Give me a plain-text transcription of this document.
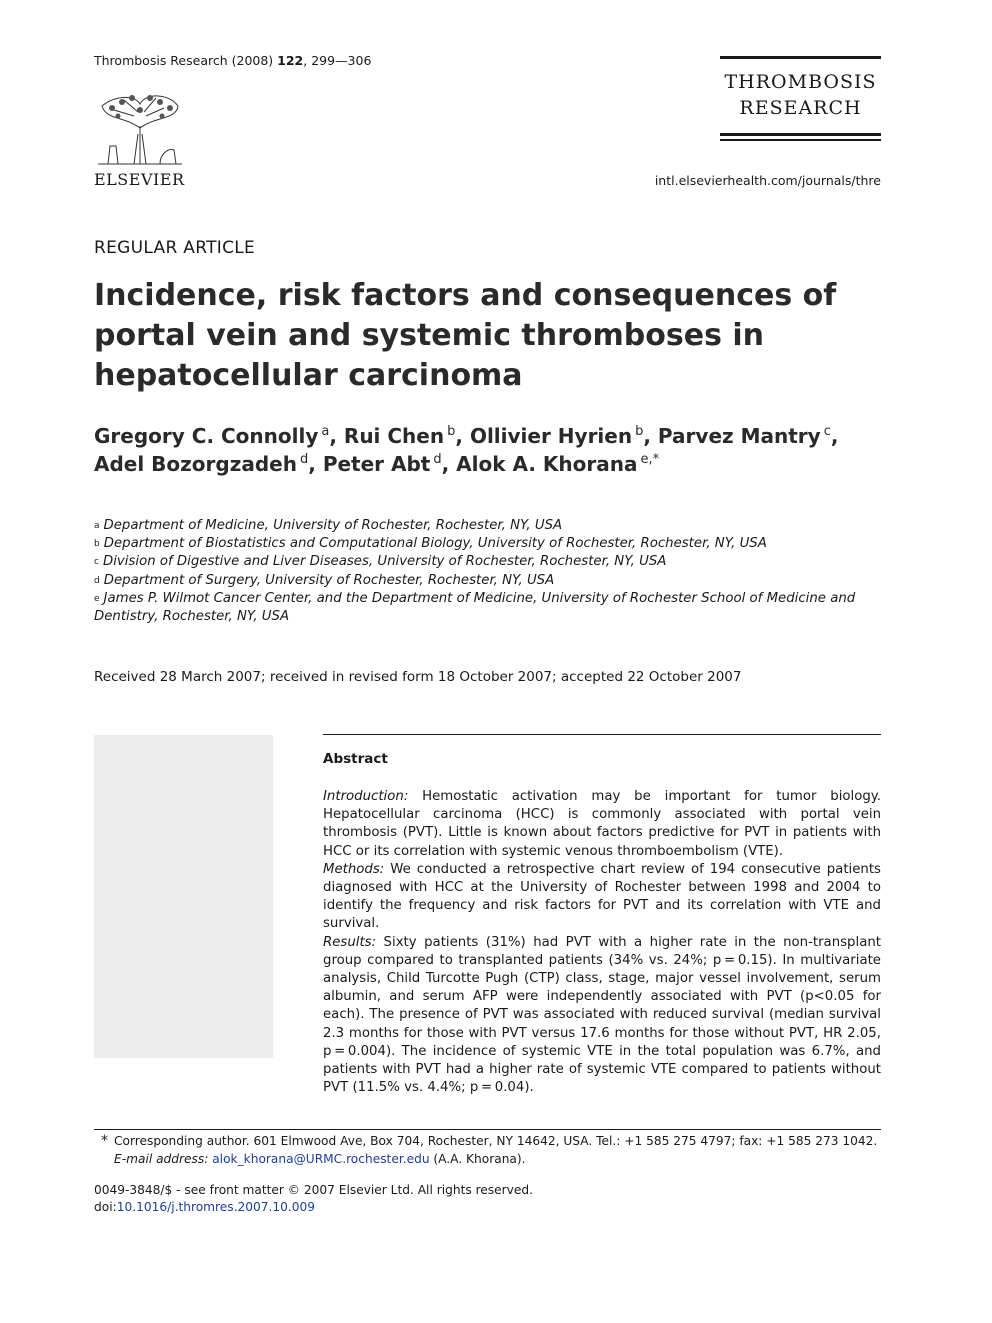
Thrombosis Research (2008) 122, 299—306
ELSEVIER
THROMBOSIS
RESEARCH
intl.elsevierhealth.com/journals/thre
REGULAR ARTICLE
Incidence, risk factors and consequences of portal vein and systemic thromboses in hepatocellular carcinoma
Gregory C. Connolly $^a$, Rui Chen $^b$, Ollivier Hyrien $^b$, Parvez Mantry $^c$,
Adel Bozorgzadeh $^d$, Peter Abt $^d$, Alok A. Khorana $^{e,*}$
$^a$ Department of Medicine, University of Rochester, Rochester, NY, USA
$^b$ Department of Biostatistics and Computational Biology, University of Rochester, Rochester, NY, USA
$^c$ Division of Digestive and Liver Diseases, University of Rochester, Rochester, NY, USA
$^d$ Department of Surgery, University of Rochester, Rochester, NY, USA
$^e$ James P. Wilmot Cancer Center, and the Department of Medicine, University of Rochester School of Medicine and Dentistry, Rochester, NY, USA
Received 28 March 2007; received in revised form 18 October 2007; accepted 22 October 2007
Abstract
Introduction: Hemostatic activation may be important for tumor biology. Hepatocellular carcinoma (HCC) is commonly associated with portal vein thrombosis (PVT). Little is known about factors predictive for PVT in patients with HCC or its correlation with systemic venous thromboembolism (VTE).
Methods: We conducted a retrospective chart review of 194 consecutive patients diagnosed with HCC at the University of Rochester between 1998 and 2004 to identify the frequency and risk factors for PVT and its correlation with VTE and survival.
Results: Sixty patients (31%) had PVT with a higher rate in the non-transplant group compared to transplanted patients (34% vs. 24%; p = 0.15). In multivariate analysis, Child Turcotte Pugh (CTP) class, stage, major vessel involvement, serum albumin, and serum AFP were independently associated with PVT (p<0.05 for each). The presence of PVT was associated with reduced survival (median survival 2.3 months for those with PVT versus 17.6 months for those without PVT, HR 2.05, p = 0.004). The incidence of systemic VTE in the total population was 6.7%, and patients with PVT had a higher rate of systemic VTE compared to patients without PVT (11.5% vs. 4.4%; p = 0.04).
* Corresponding author. 601 Elmwood Ave, Box 704, Rochester, NY 14642, USA. Tel.: +1 585 275 4797; fax: +1 585 273 1042.
E-mail address: alok_khorana@URMC.rochester.edu (A.A. Khorana).
0049-3848/$ - see front matter © 2007 Elsevier Ltd. All rights reserved.
doi:10.1016/j.thromres.2007.10.009
